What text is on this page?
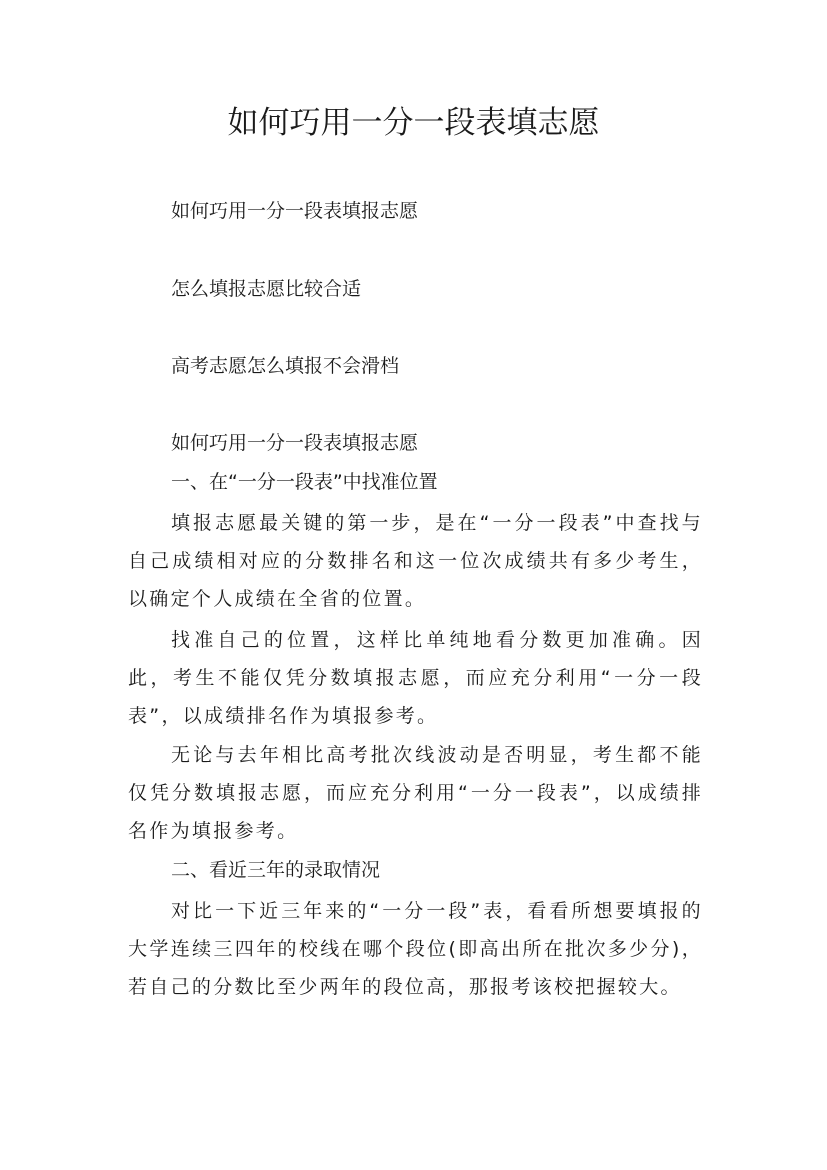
如何巧用一分一段表填志愿

如何巧用一分一段表填报志愿

怎么填报志愿比较合适

高考志愿怎么填报不会滑档

如何巧用一分一段表填报志愿

一、在“一分一段表”中找准位置

填报志愿最关键的第一步，是在“一分一段表”中查找与自己成绩相对应的分数排名和这一位次成绩共有多少考生，以确定个人成绩在全省的位置。

找准自己的位置，这样比单纯地看分数更加准确。因此，考生不能仅凭分数填报志愿，而应充分利用“一分一段表”，以成绩排名作为填报参考。

无论与去年相比高考批次线波动是否明显，考生都不能仅凭分数填报志愿，而应充分利用“一分一段表”，以成绩排名作为填报参考。

二、看近三年的录取情况

对比一下近三年来的“一分一段”表，看看所想要填报的大学连续三四年的校线在哪个段位(即高出所在批次多少分)，若自己的分数比至少两年的段位高，那报考该校把握较大。
